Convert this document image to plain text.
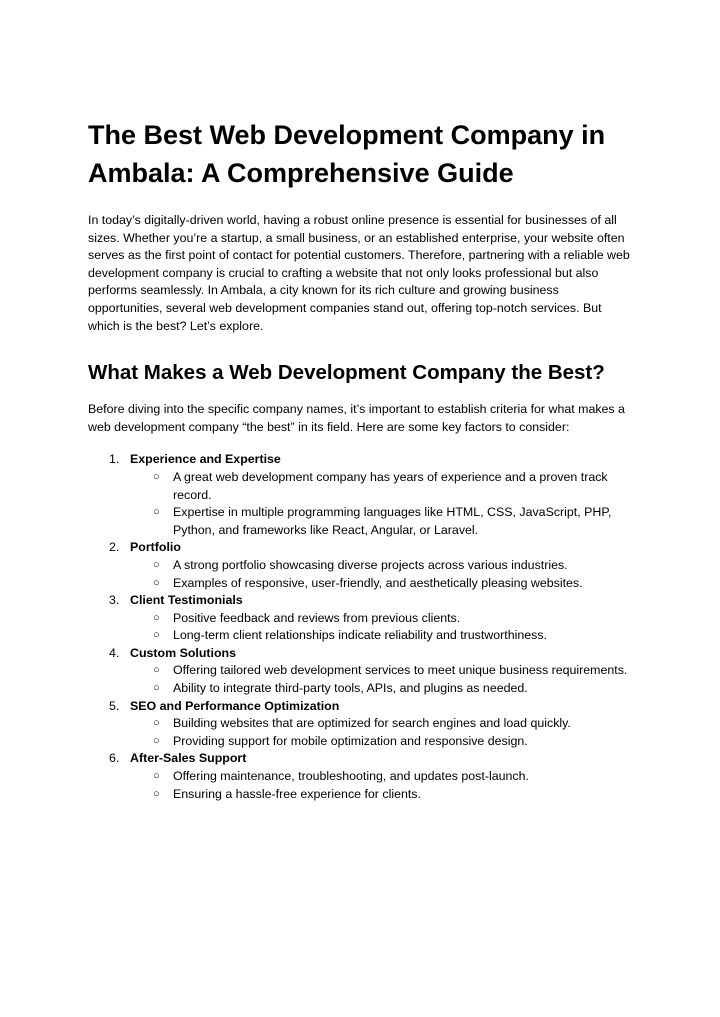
The Best Web Development Company in Ambala: A Comprehensive Guide

In today’s digitally-driven world, having a robust online presence is essential for businesses of all sizes. Whether you’re a startup, a small business, or an established enterprise, your website often serves as the first point of contact for potential customers. Therefore, partnering with a reliable web development company is crucial to crafting a website that not only looks professional but also performs seamlessly. In Ambala, a city known for its rich culture and growing business opportunities, several web development companies stand out, offering top-notch services. But which is the best? Let’s explore.

What Makes a Web Development Company the Best?

Before diving into the specific company names, it’s important to establish criteria for what makes a web development company “the best” in its field. Here are some key factors to consider:

1. Experience and Expertise
○ A great web development company has years of experience and a proven track record.
○ Expertise in multiple programming languages like HTML, CSS, JavaScript, PHP, Python, and frameworks like React, Angular, or Laravel.
2. Portfolio
○ A strong portfolio showcasing diverse projects across various industries.
○ Examples of responsive, user-friendly, and aesthetically pleasing websites.
3. Client Testimonials
○ Positive feedback and reviews from previous clients.
○ Long-term client relationships indicate reliability and trustworthiness.
4. Custom Solutions
○ Offering tailored web development services to meet unique business requirements.
○ Ability to integrate third-party tools, APIs, and plugins as needed.
5. SEO and Performance Optimization
○ Building websites that are optimized for search engines and load quickly.
○ Providing support for mobile optimization and responsive design.
6. After-Sales Support
○ Offering maintenance, troubleshooting, and updates post-launch.
○ Ensuring a hassle-free experience for clients.
